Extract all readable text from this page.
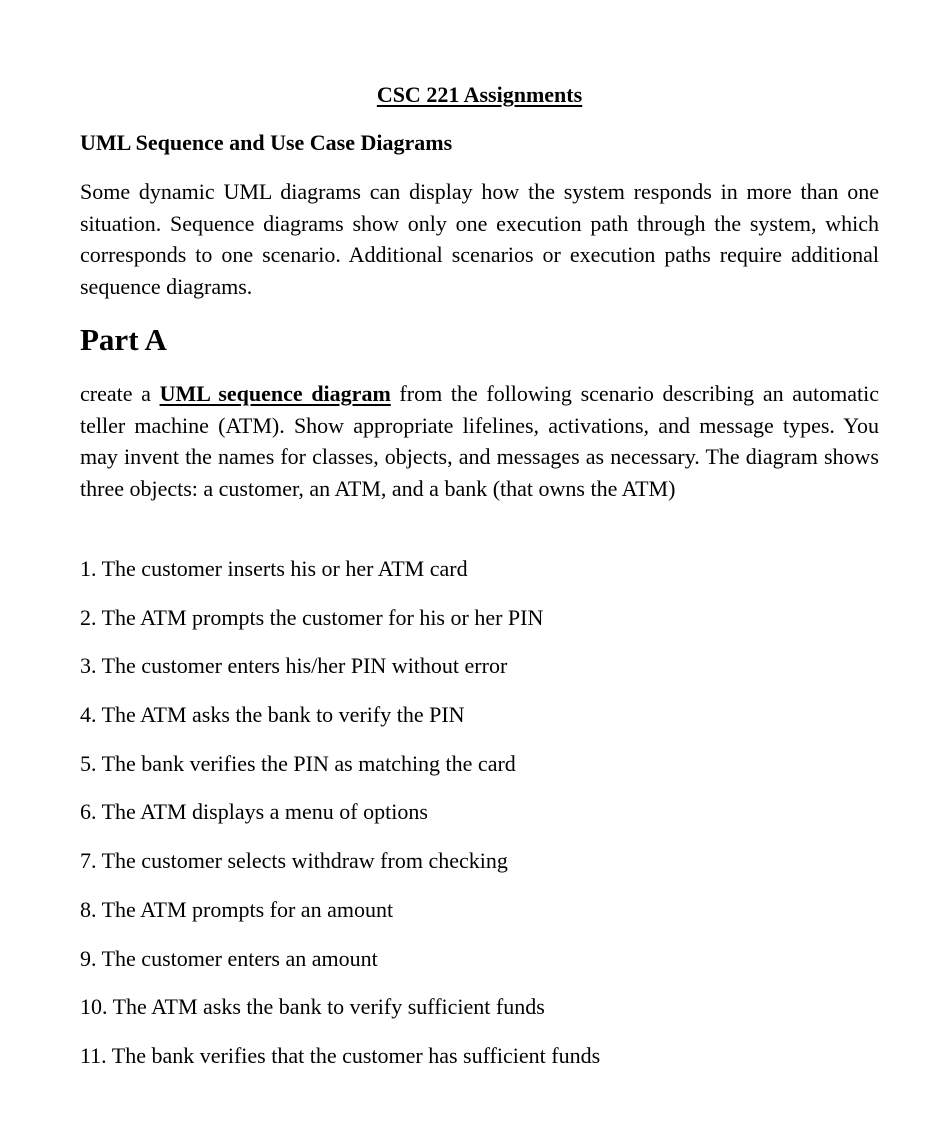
CSC 221 Assignments
UML Sequence and Use Case Diagrams

Some dynamic UML diagrams can display how the system responds in more than one situation. Sequence diagrams show only one execution path through the system, which corresponds to one scenario. Additional scenarios or execution paths require additional sequence diagrams.

Part A

create a UML sequence diagram from the following scenario describing an automatic teller machine (ATM). Show appropriate lifelines, activations, and message types. You may invent the names for classes, objects, and messages as necessary. The diagram shows three objects: a customer, an ATM, and a bank (that owns the ATM)

1. The customer inserts his or her ATM card
2. The ATM prompts the customer for his or her PIN
3. The customer enters his/her PIN without error
4. The ATM asks the bank to verify the PIN
5. The bank verifies the PIN as matching the card
6. The ATM displays a menu of options
7. The customer selects withdraw from checking
8. The ATM prompts for an amount
9. The customer enters an amount
10. The ATM asks the bank to verify sufficient funds
11. The bank verifies that the customer has sufficient funds
